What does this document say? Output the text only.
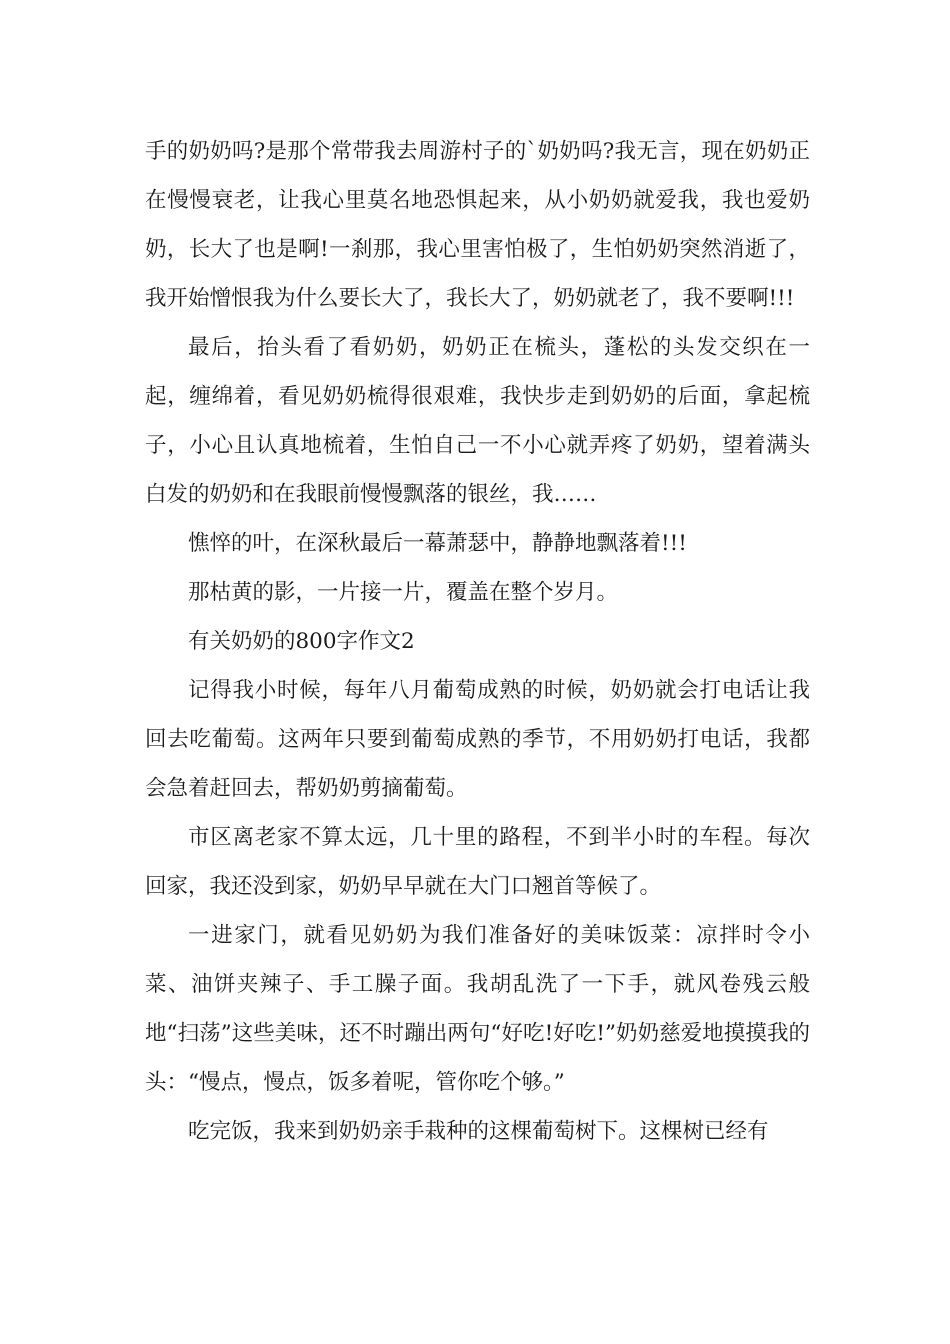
手的奶奶吗?是那个常带我去周游村子的`奶奶吗?我无言，现在奶奶正在慢慢衰老，让我心里莫名地恐惧起来，从小奶奶就爱我，我也爱奶奶，长大了也是啊!一刹那，我心里害怕极了，生怕奶奶突然消逝了，我开始憎恨我为什么要长大了，我长大了，奶奶就老了，我不要啊!!!

最后，抬头看了看奶奶，奶奶正在梳头，蓬松的头发交织在一起，缠绵着，看见奶奶梳得很艰难，我快步走到奶奶的后面，拿起梳子，小心且认真地梳着，生怕自己一不小心就弄疼了奶奶，望着满头白发的奶奶和在我眼前慢慢飘落的银丝，我……

憔悴的叶，在深秋最后一幕萧瑟中，静静地飘落着!!!

那枯黄的影，一片接一片，覆盖在整个岁月。

有关奶奶的800字作文2

记得我小时候，每年八月葡萄成熟的时候，奶奶就会打电话让我回去吃葡萄。这两年只要到葡萄成熟的季节，不用奶奶打电话，我都会急着赶回去，帮奶奶剪摘葡萄。

市区离老家不算太远，几十里的路程，不到半小时的车程。每次回家，我还没到家，奶奶早早就在大门口翘首等候了。

一进家门，就看见奶奶为我们准备好的美味饭菜：凉拌时令小菜、油饼夹辣子、手工臊子面。我胡乱洗了一下手，就风卷残云般地“扫荡”这些美味，还不时蹦出两句“好吃!好吃!”奶奶慈爱地摸摸我的头：“慢点，慢点，饭多着呢，管你吃个够。”

吃完饭，我来到奶奶亲手栽种的这棵葡萄树下。这棵树已经有
